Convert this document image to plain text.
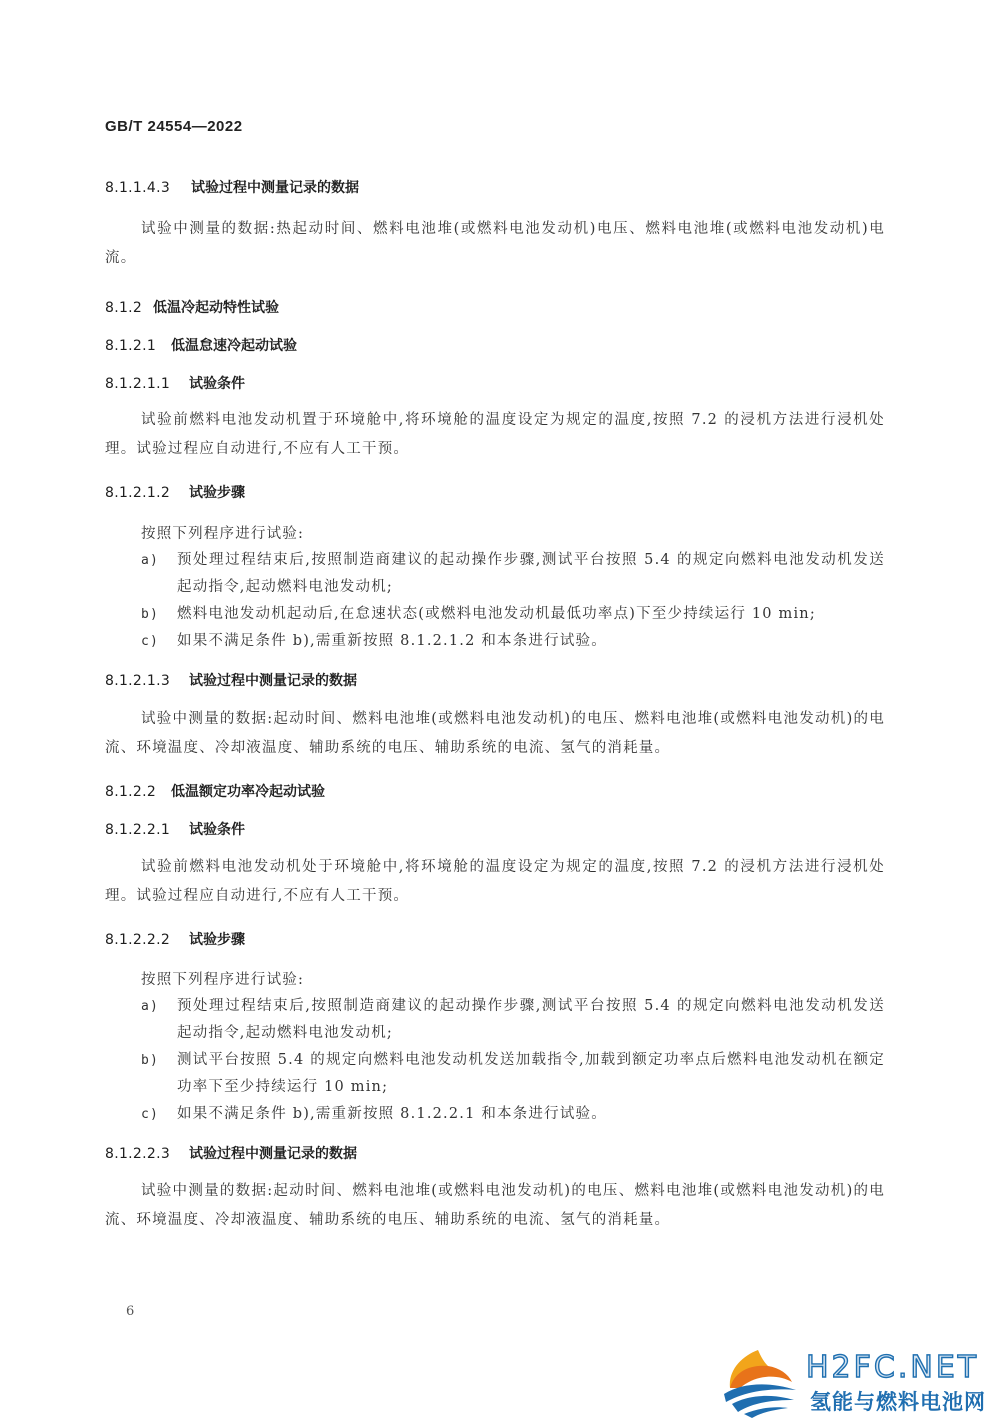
GB/T 24554—2022
8.1.1.4.3 试验过程中测量记录的数据
试验中测量的数据:热起动时间、燃料电池堆(或燃料电池发动机)电压、燃料电池堆(或燃料电池发动机)电流。
8.1.2 低温冷起动特性试验
8.1.2.1 低温怠速冷起动试验
8.1.2.1.1 试验条件
试验前燃料电池发动机置于环境舱中,将环境舱的温度设定为规定的温度,按照 7.2 的浸机方法进行浸机处理。试验过程应自动进行,不应有人工干预。
8.1.2.1.2 试验步骤
按照下列程序进行试验:
a) 预处理过程结束后,按照制造商建议的起动操作步骤,测试平台按照 5.4 的规定向燃料电池发动机发送起动指令,起动燃料电池发动机;
b) 燃料电池发动机起动后,在怠速状态(或燃料电池发动机最低功率点)下至少持续运行 10 min;
c) 如果不满足条件 b),需重新按照 8.1.2.1.2 和本条进行试验。
8.1.2.1.3 试验过程中测量记录的数据
试验中测量的数据:起动时间、燃料电池堆(或燃料电池发动机)的电压、燃料电池堆(或燃料电池发动机)的电流、环境温度、冷却液温度、辅助系统的电压、辅助系统的电流、氢气的消耗量。
8.1.2.2 低温额定功率冷起动试验
8.1.2.2.1 试验条件
试验前燃料电池发动机处于环境舱中,将环境舱的温度设定为规定的温度,按照 7.2 的浸机方法进行浸机处理。试验过程应自动进行,不应有人工干预。
8.1.2.2.2 试验步骤
按照下列程序进行试验:
a) 预处理过程结束后,按照制造商建议的起动操作步骤,测试平台按照 5.4 的规定向燃料电池发动机发送起动指令,起动燃料电池发动机;
b) 测试平台按照 5.4 的规定向燃料电池发动机发送加载指令,加载到额定功率点后燃料电池发动机在额定功率下至少持续运行 10 min;
c) 如果不满足条件 b),需重新按照 8.1.2.2.1 和本条进行试验。
8.1.2.2.3 试验过程中测量记录的数据
试验中测量的数据:起动时间、燃料电池堆(或燃料电池发动机)的电压、燃料电池堆(或燃料电池发动机)的电流、环境温度、冷却液温度、辅助系统的电压、辅助系统的电流、氢气的消耗量。
6
H2FC.NET
氢能与燃料电池网
